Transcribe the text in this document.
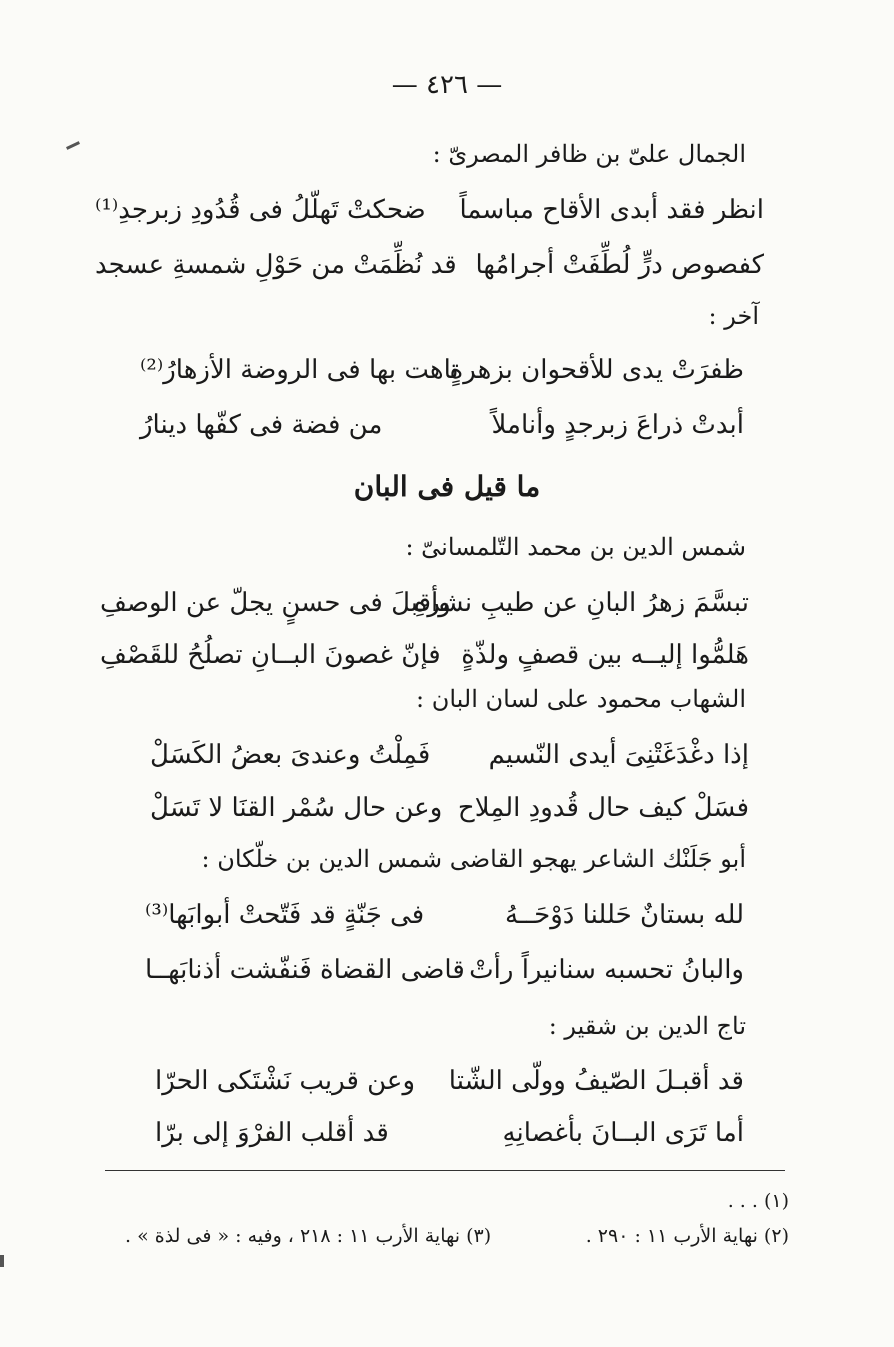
— ٤٢٦ —
الجمال علىّ بن ظافر المصرىّ :
انظر فقد أبدى الأقاح مباسماً
ضحكتْ تَهلّلُ فى قُدُودِ زبرجدِ⁽¹⁾
كفصوص درٍّ لُطِّفَتْ أجرامُها
قد نُظِّمَتْ من حَوْلِ شمسةِ عسجد
آخر :
ظفرَتْ يدى للأقحوان بزهرةٍ
تاهت بها فى الروضة الأزهارُ⁽²⁾
أبدتْ ذراعَ زبرجدٍ وأناملاً
من فضة فى كفّها دينارُ
ما قيل فى البان
شمس الدين بن محمد التّلمسانىّ :
تبسَّمَ زهرُ البانِ عن طيبِ نشرهِ
وأقبلَ فى حسنٍ يجلّ عن الوصفِ
هَلمُّوا إليــه بين قصفٍ ولذّةٍ
فإنّ غصونَ البــانِ تصلُحُ للقَصْفِ
الشهاب محمود على لسان البان :
إذا دغْدَغَتْنِىَ أيدى النّسيم
فَمِلْتُ وعندىَ بعضُ الكَسَلْ
فسَلْ كيف حال قُدودِ المِلاح
وعن حال سُمْر القنَا لا تَسَلْ
أبو جَلَنْك الشاعر يهجو القاضى شمس الدين بن خلّكان :
لله بستانٌ حَللنا دَوْحَــهُ
فى جَنّةٍ قد فَتّحتْ أبوابَها⁽³⁾
والبانُ تحسبه سنانيراً رأتْ
قاضى القضاة فَنفّشت أذنابَهــا
تاج الدين بن شقير :
قد أقبـلَ الصّيفُ وولّى الشّتا
وعن قريب نَشْتَكى الحرّا
أما تَرَى البــانَ بأغصانِهِ
قد أقلب الفرْوَ إلى برّا
(١) . . .
(٢) نهاية الأرب ١١ : ٢٩٠ .
(٣) نهاية الأرب ١١ : ٢١٨ ، وفيه : « فى لذة » .
